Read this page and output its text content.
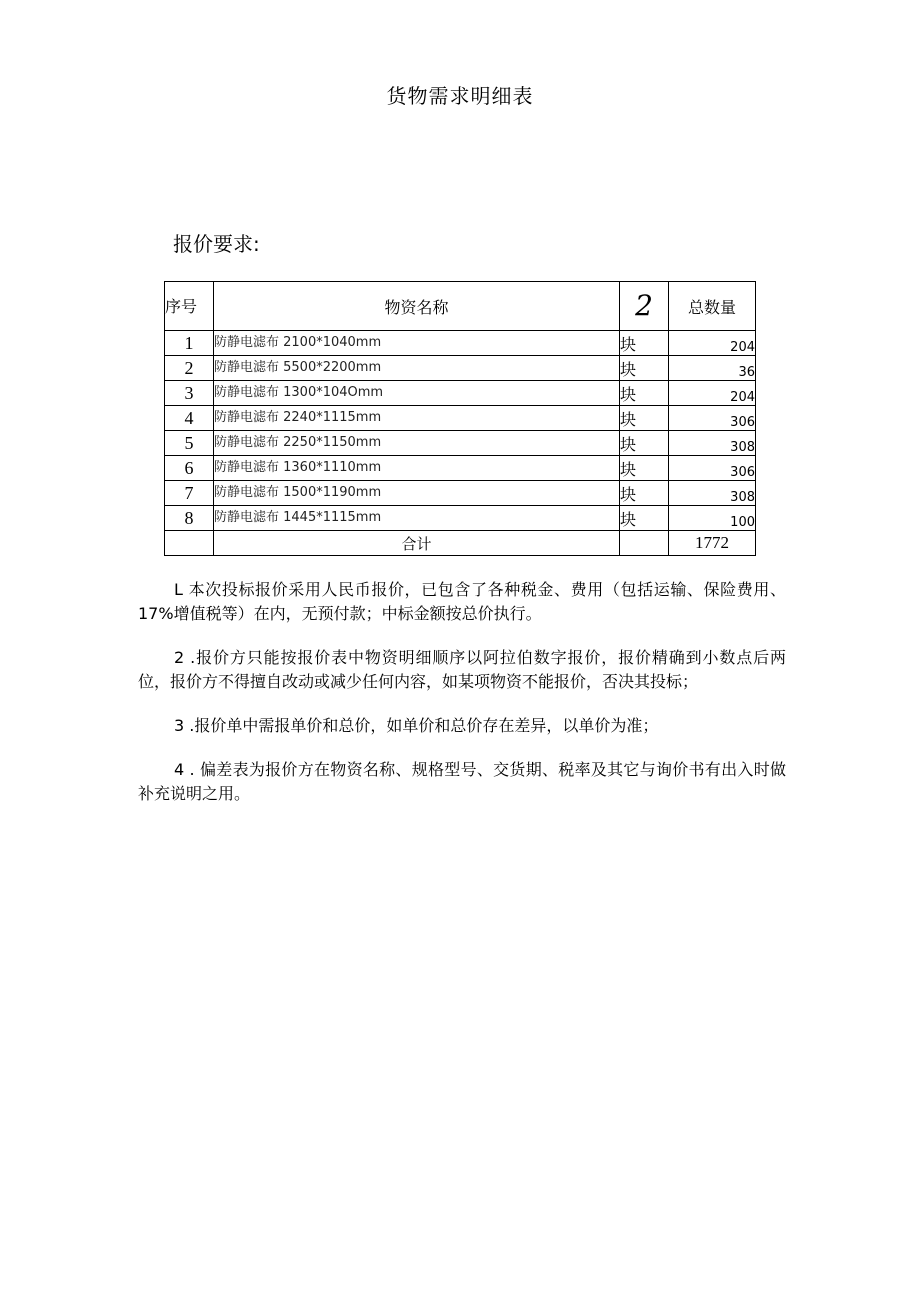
货物需求明细表
报价要求:
序号	物资名称	2	总数量
1	防静电滤布 2100*1040mm	块	204
2	防静电滤布 5500*2200mm	块	36
3	防静电滤布 1300*104Omm	块	204
4	防静电滤布 2240*1115mm	块	306
5	防静电滤布 2250*1150mm	块	308
6	防静电滤布 1360*1110mm	块	306
7	防静电滤布 1500*1190mm	块	308
8	防静电滤布 1445*1115mm	块	100
	合计		1772

L 本次投标报价采用人民币报价，已包含了各种税金、费用（包括运输、保险费用、17%增值税等）在内，无预付款；中标金额按总价执行。

2 .报价方只能按报价表中物资明细顺序以阿拉伯数字报价，报价精确到小数点后两位，报价方不得擅自改动或减少任何内容，如某项物资不能报价，否决其投标；

3 .报价单中需报单价和总价，如单价和总价存在差异，以单价为准；

4 . 偏差表为报价方在物资名称、规格型号、交货期、税率及其它与询价书有出入时做补充说明之用。
